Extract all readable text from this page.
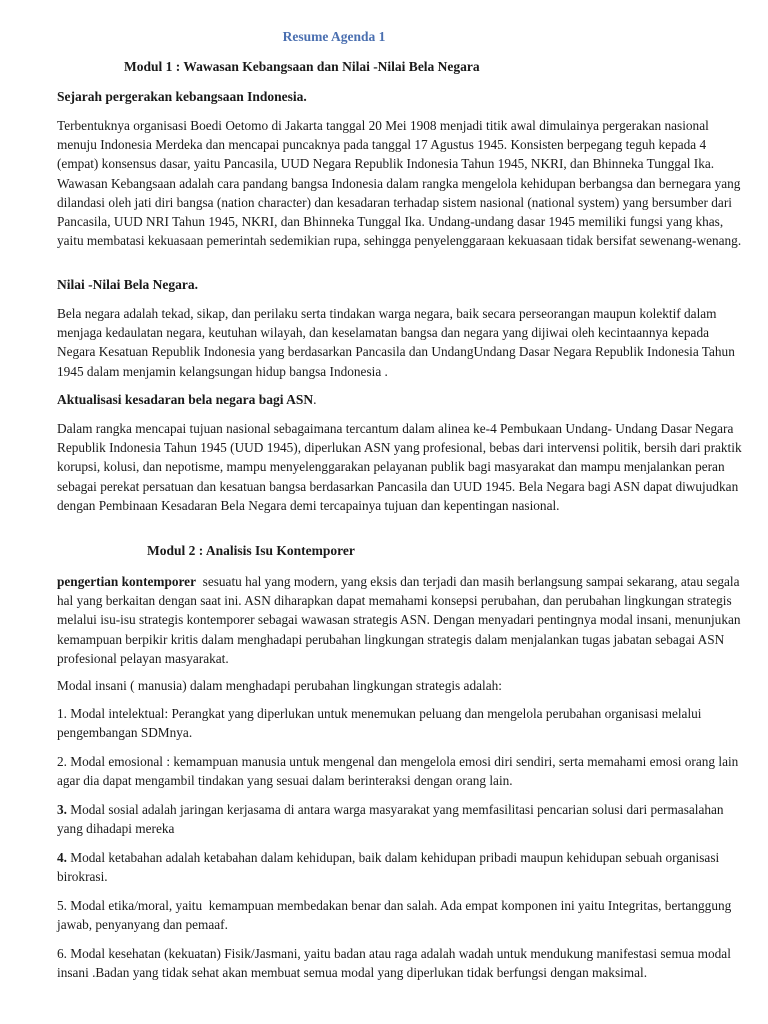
Resume Agenda 1
Modul 1 : Wawasan Kebangsaan dan Nilai -Nilai Bela Negara
Sejarah pergerakan kebangsaan Indonesia.
Terbentuknya organisasi Boedi Oetomo di Jakarta tanggal 20 Mei 1908 menjadi titik awal dimulainya pergerakan nasional menuju Indonesia Merdeka dan mencapai puncaknya pada tanggal 17 Agustus 1945. Konsisten berpegang teguh kepada 4 (empat) konsensus dasar, yaitu Pancasila, UUD Negara Republik Indonesia Tahun 1945, NKRI, dan Bhinneka Tunggal Ika. Wawasan Kebangsaan adalah cara pandang bangsa Indonesia dalam rangka mengelola kehidupan berbangsa dan bernegara yang dilandasi oleh jati diri bangsa (nation character) dan kesadaran terhadap sistem nasional (national system) yang bersumber dari Pancasila, UUD NRI Tahun 1945, NKRI, dan Bhinneka Tunggal Ika. Undang-undang dasar 1945 memiliki fungsi yang khas, yaitu membatasi kekuasaan pemerintah sedemikian rupa, sehingga penyelenggaraan kekuasaan tidak bersifat sewenang-wenang.
Nilai -Nilai Bela Negara.
Bela negara adalah tekad, sikap, dan perilaku serta tindakan warga negara, baik secara perseorangan maupun kolektif dalam menjaga kedaulatan negara, keutuhan wilayah, dan keselamatan bangsa dan negara yang dijiwai oleh kecintaannya kepada Negara Kesatuan Republik Indonesia yang berdasarkan Pancasila dan UndangUndang Dasar Negara Republik Indonesia Tahun 1945 dalam menjamin kelangsungan hidup bangsa Indonesia .
Aktualisasi kesadaran bela negara bagi ASN.
Dalam rangka mencapai tujuan nasional sebagaimana tercantum dalam alinea ke-4 Pembukaan Undang- Undang Dasar Negara Republik Indonesia Tahun 1945 (UUD 1945), diperlukan ASN yang profesional, bebas dari intervensi politik, bersih dari praktik korupsi, kolusi, dan nepotisme, mampu menyelenggarakan pelayanan publik bagi masyarakat dan mampu menjalankan peran sebagai perekat persatuan dan kesatuan bangsa berdasarkan Pancasila dan UUD 1945. Bela Negara bagi ASN dapat diwujudkan dengan Pembinaan Kesadaran Bela Negara demi tercapainya tujuan dan kepentingan nasional.
Modul 2 : Analisis Isu Kontemporer
pengertian kontemporer  sesuatu hal yang modern, yang eksis dan terjadi dan masih berlangsung sampai sekarang, atau segala hal yang berkaitan dengan saat ini. ASN diharapkan dapat memahami konsepsi perubahan, dan perubahan lingkungan strategis melalui isu-isu strategis kontemporer sebagai wawasan strategis ASN. Dengan menyadari pentingnya modal insani, menunjukan kemampuan berpikir kritis dalam menghadapi perubahan lingkungan strategis dalam menjalankan tugas jabatan sebagai ASN profesional pelayan masyarakat.
Modal insani ( manusia) dalam menghadapi perubahan lingkungan strategis adalah:
1. Modal intelektual: Perangkat yang diperlukan untuk menemukan peluang dan mengelola perubahan organisasi melalui pengembangan SDMnya.
2. Modal emosional : kemampuan manusia untuk mengenal dan mengelola emosi diri sendiri, serta memahami emosi orang lain agar dia dapat mengambil tindakan yang sesuai dalam berinteraksi dengan orang lain.
3. Modal sosial adalah jaringan kerjasama di antara warga masyarakat yang memfasilitasi pencarian solusi dari permasalahan yang dihadapi mereka
4. Modal ketabahan adalah ketabahan dalam kehidupan, baik dalam kehidupan pribadi maupun kehidupan sebuah organisasi birokrasi.
5. Modal etika/moral, yaitu  kemampuan membedakan benar dan salah. Ada empat komponen ini yaitu Integritas, bertanggung jawab, penyanyang dan pemaaf.
6. Modal kesehatan (kekuatan) Fisik/Jasmani, yaitu badan atau raga adalah wadah untuk mendukung manifestasi semua modal insani .Badan yang tidak sehat akan membuat semua modal yang diperlukan tidak berfungsi dengan maksimal.
